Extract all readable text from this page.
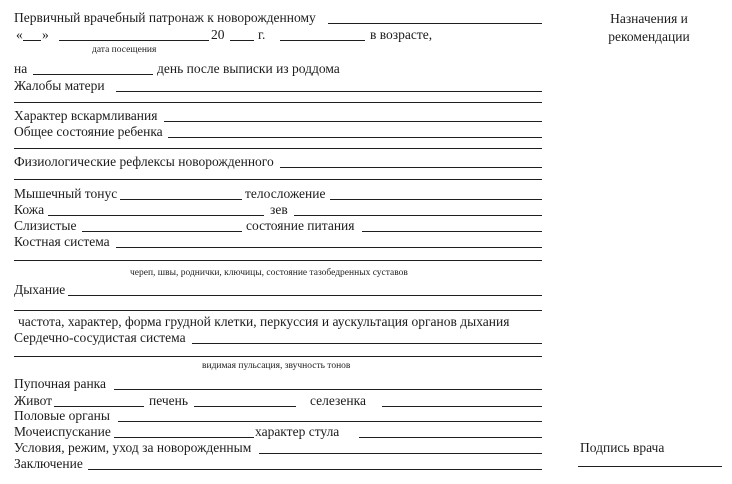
Первичный врачебный патронаж к новорожденному
« »	20 г.	в возрасте,
дата посещения
на	день после выписки из роддома
Жалобы матери
Характер вскармливания
Общее состояние ребенка
Физиологические рефлексы новорожденного
Мышечный тонус	телосложение
Кожа	зев
Слизистые	состояние питания
Костная система
череп, швы, роднички, ключицы, состояние тазобедренных суставов
Дыхание
частота, характер, форма грудной клетки, перкуссия и аускультация органов дыхания
Сердечно-сосудистая система
видимая пульсация, звучность тонов
Пупочная ранка
Живот	печень	селезенка
Половые органы
Мочеиспускание	характер стула
Условия, режим, уход за новорожденным
Заключение
Назначения и
рекомендации
Подпись врача
